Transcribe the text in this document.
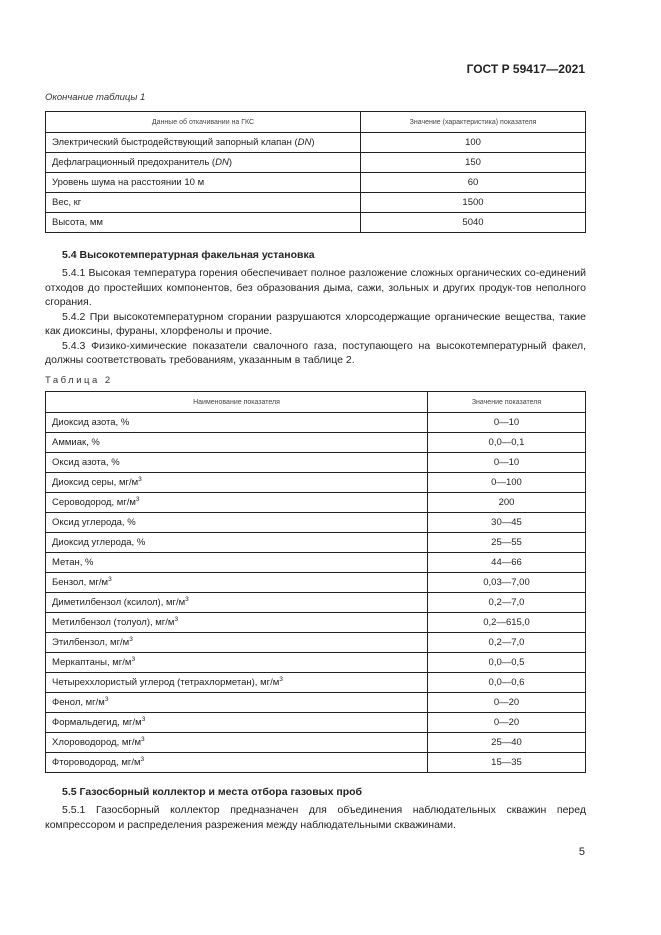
ГОСТ Р 59417—2021
Окончание таблицы 1
Данные об откачивании на ГКС	Значение (характеристика) показателя
Электрический быстродействующий запорный клапан (DN)	100
Дефлаграционный предохранитель (DN)	150
Уровень шума на расстоянии 10 м	60
Вес, кг	1500
Высота, мм	5040
5.4 Высокотемпературная факельная установка
5.4.1 Высокая температура горения обеспечивает полное разложение сложных органических со-единений отходов до простейших компонентов, без образования дыма, сажи, зольных и других продук-тов неполного сгорания.
5.4.2 При высокотемпературном сгорании разрушаются хлорсодержащие органические вещества, такие как диоксины, фураны, хлорфенолы и прочие.
5.4.3 Физико-химические показатели свалочного газа, поступающего на высокотемпературный факел, должны соответствовать требованиям, указанным в таблице 2.
Таблица 2
Наименование показателя	Значение показателя
Диоксид азота, %	0—10
Аммиак, %	0,0—0,1
Оксид азота, %	0—10
Диоксид серы, $мг/м^3$	0—100
Сероводород, $мг/м^3$	200
Оксид углерода, %	30—45
Диоксид углерода, %	25—55
Метан, %	44—66
Бензол, $мг/м^3$	0,03—7,00
Диметилбензол (ксилол), $мг/м^3$	0,2—7,0
Метилбензол (толуол), $мг/м^3$	0,2—615,0
Этилбензол, $мг/м^3$	0,2—7,0
Меркаптаны, $мг/м^3$	0,0—0,5
Четыреххлористый углерод (тетрахлорметан), $мг/м^3$	0,0—0,6
Фенол, $мг/м^3$	0—20
Формальдегид, $мг/м^3$	0—20
Хлороводород, $мг/м^3$	25—40
Фтороводород, $мг/м^3$	15—35
5.5 Газосборный коллектор и места отбора газовых проб
5.5.1 Газосборный коллектор предназначен для объединения наблюдательных скважин перед компрессором и распределения разрежения между наблюдательными скважинами.
5
